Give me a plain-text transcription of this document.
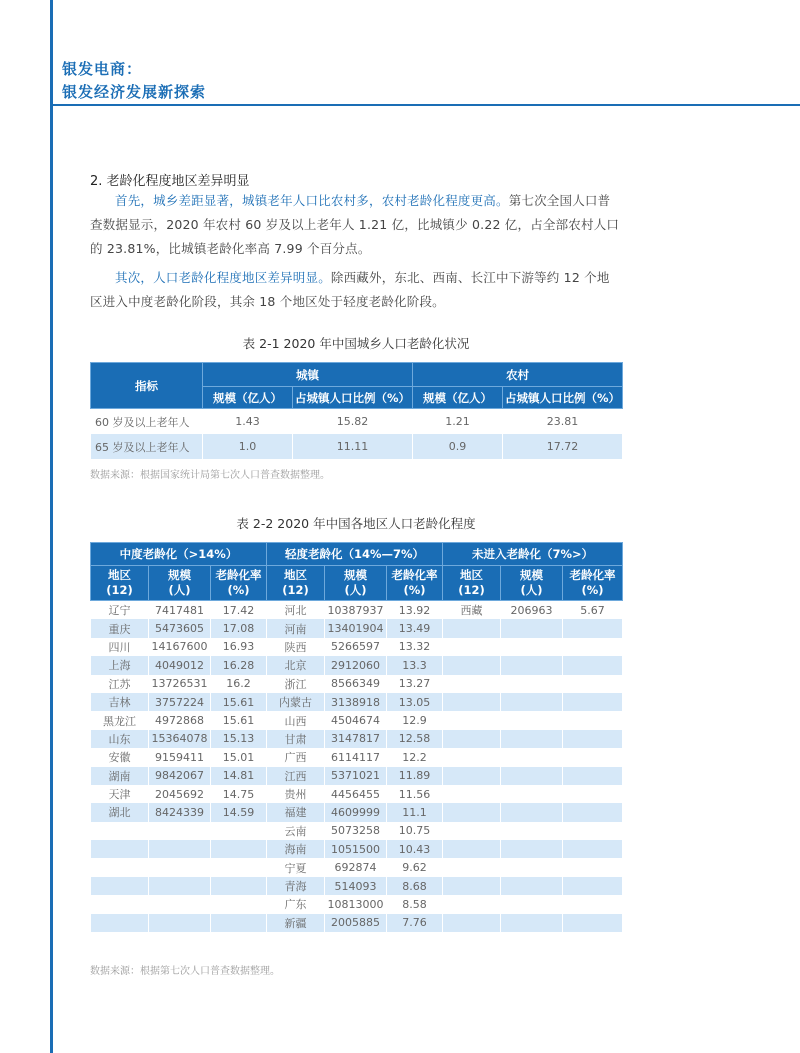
银发电商：
银发经济发展新探索
2. 老龄化程度地区差异明显
首先，城乡差距显著，城镇老年人口比农村多，农村老龄化程度更高。第七次全国人口普查数据显示，2020 年农村 60 岁及以上老年人 1.21 亿，比城镇少 0.22 亿，占全部农村人口的 23.81%，比城镇老龄化率高 7.99 个百分点。
其次，人口老龄化程度地区差异明显。除西藏外，东北、西南、长江中下游等约 12 个地区进入中度老龄化阶段，其余 18 个地区处于轻度老龄化阶段。
表 2-1 2020 年中国城乡人口老龄化状况
指标	城镇		农村	
	规模（亿人）	占城镇人口比例（%）	规模（亿人）	占城镇人口比例（%）
60 岁及以上老年人	1.43	15.82	1.21	23.81
65 岁及以上老年人	1.0	11.11	0.9	17.72
数据来源：根据国家统计局第七次人口普查数据整理。
表 2-2 2020 年中国各地区人口老龄化程度
中度老龄化（>14%）			轻度老龄化（14%—7%）			未进入老龄化（7%>）		
地区
(12)	规模
(人)	老龄化率
(%)	地区
(12)	规模
(人)	老龄化率
(%)	地区
(12)	规模
(人)	老龄化率
(%)
辽宁	7417481	17.42	河北	10387937	13.92	西藏	206963	5.67
重庆	5473605	17.08	河南	13401904	13.49			
四川	14167600	16.93	陕西	5266597	13.32			
上海	4049012	16.28	北京	2912060	13.3			
江苏	13726531	16.2	浙江	8566349	13.27			
吉林	3757224	15.61	内蒙古	3138918	13.05			
黑龙江	4972868	15.61	山西	4504674	12.9			
山东	15364078	15.13	甘肃	3147817	12.58			
安徽	9159411	15.01	广西	6114117	12.2			
湖南	9842067	14.81	江西	5371021	11.89			
天津	2045692	14.75	贵州	4456455	11.56			
湖北	8424339	14.59	福建	4609999	11.1			
			云南	5073258	10.75			
			海南	1051500	10.43			
			宁夏	692874	9.62			
			青海	514093	8.68			
			广东	10813000	8.58			
			新疆	2005885	7.76			
数据来源：根据第七次人口普查数据整理。
